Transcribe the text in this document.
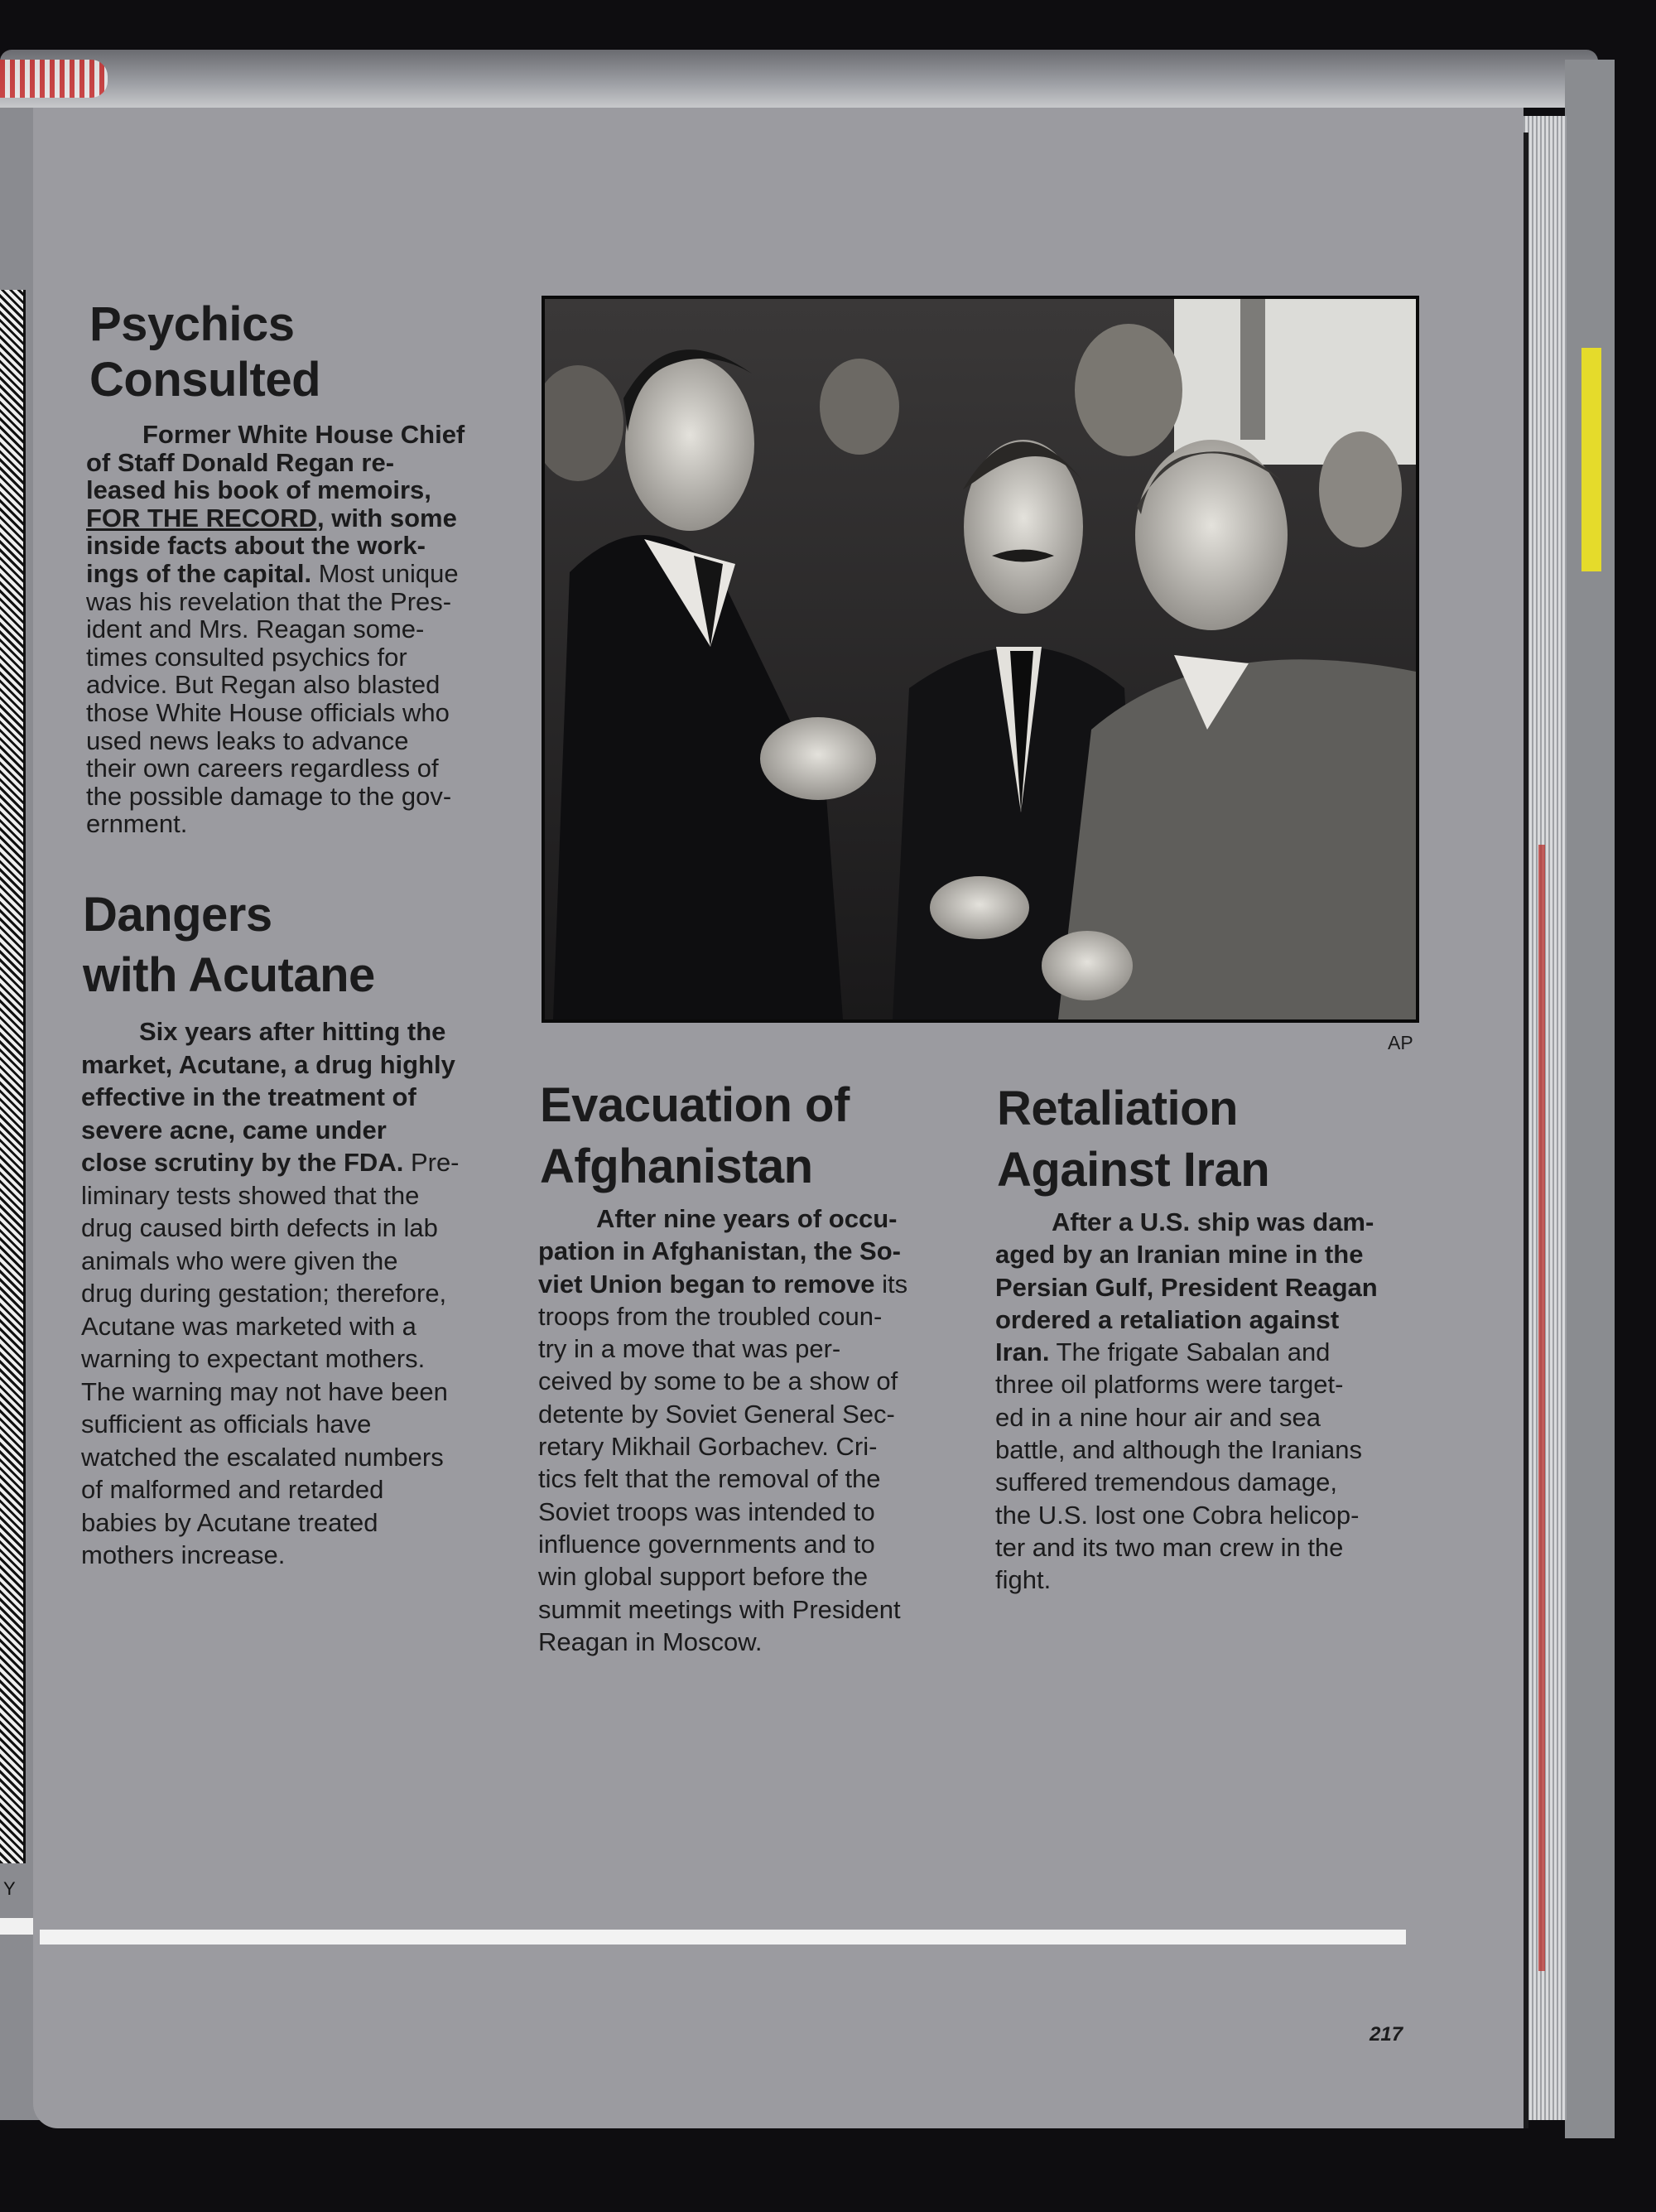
Y
Psychics
Consulted

Former White House Chief
of Staff Donald Regan re-
leased his book of memoirs,
FOR THE RECORD, with some
inside facts about the work-
ings of the capital. Most unique
was his revelation that the Pres-
ident and Mrs. Reagan some-
times consulted psychics for
advice. But Regan also blasted
those White House officials who
used news leaks to advance
their own careers regardless of
the possible damage to the gov-
ernment.

Dangers
with Acutane

Six years after hitting the
market, Acutane, a drug highly
effective in the treatment of
severe acne, came under
close scrutiny by the FDA. Pre-
liminary tests showed that the
drug caused birth defects in lab
animals who were given the
drug during gestation; therefore,
Acutane was marketed with a
warning to expectant mothers.
The warning may not have been
sufficient as officials have
watched the escalated numbers
of malformed and retarded
babies by Acutane treated
mothers increase.

AP
Evacuation of
Afghanistan

After nine years of occu-
pation in Afghanistan, the So-
viet Union began to remove its
troops from the troubled coun-
try in a move that was per-
ceived by some to be a show of
detente by Soviet General Sec-
retary Mikhail Gorbachev. Cri-
tics felt that the removal of the
Soviet troops was intended to
influence governments and to
win global support before the
summit meetings with President
Reagan in Moscow.

Retaliation
Against Iran

After a U.S. ship was dam-
aged by an Iranian mine in the
Persian Gulf, President Reagan
ordered a retaliation against
Iran. The frigate Sabalan and
three oil platforms were target-
ed in a nine hour air and sea
battle, and although the Iranians
suffered tremendous damage,
the U.S. lost one Cobra helicop-
ter and its two man crew in the
fight.

217
